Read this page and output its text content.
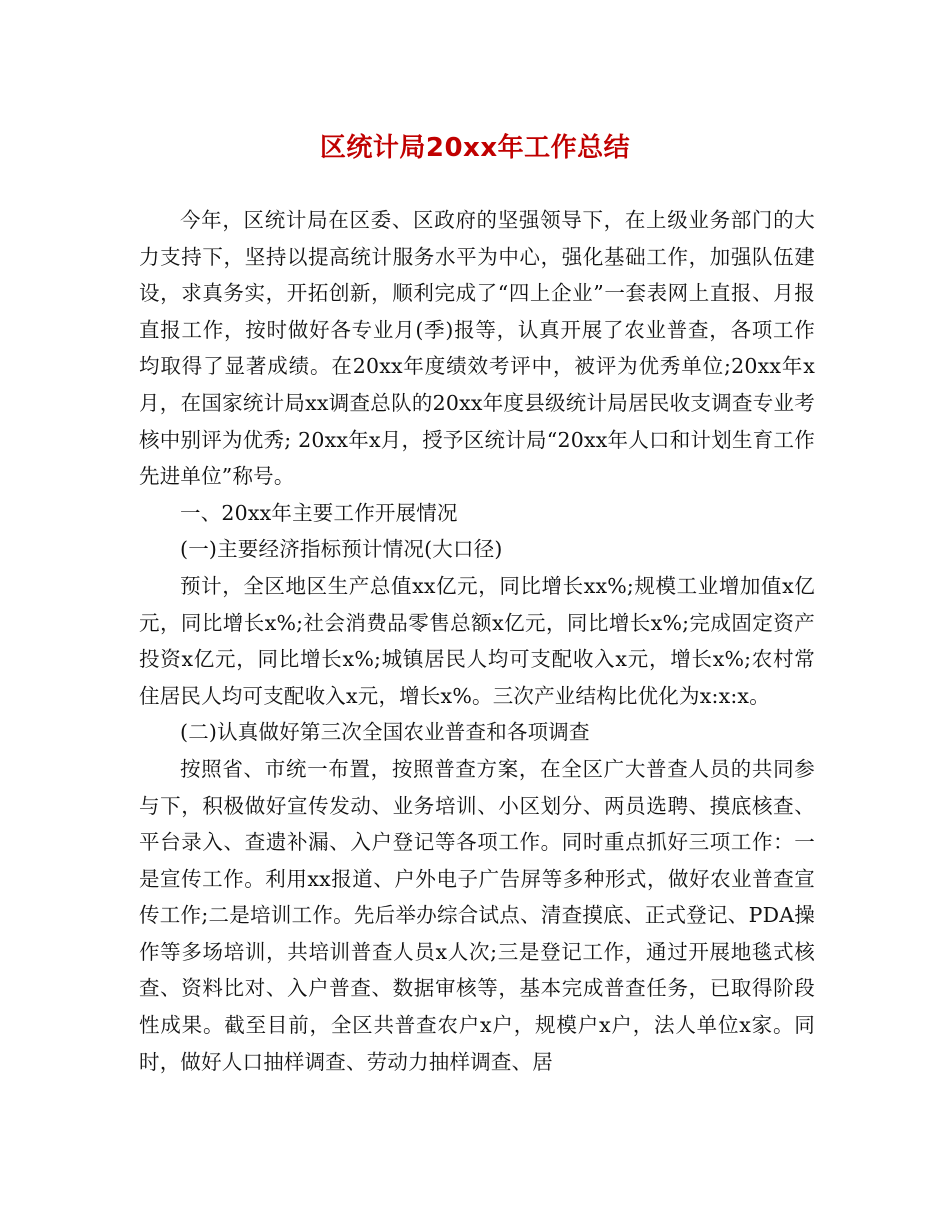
区统计局20xx年工作总结

今年，区统计局在区委、区政府的坚强领导下，在上级业务部门的大力支持下，坚持以提高统计服务水平为中心，强化基础工作，加强队伍建设，求真务实，开拓创新，顺利完成了“四上企业”一套表网上直报、月报直报工作，按时做好各专业月(季)报等，认真开展了农业普查，各项工作均取得了显著成绩。在20xx年度绩效考评中，被评为优秀单位;20xx年x月，在国家统计局xx调查总队的20xx年度县级统计局居民收支调查专业考核中别评为优秀; 20xx年x月，授予区统计局“20xx年人口和计划生育工作先进单位”称号。

一、20xx年主要工作开展情况

(一)主要经济指标预计情况(大口径)

预计，全区地区生产总值xx亿元，同比增长xx%;规模工业增加值x亿元，同比增长x%;社会消费品零售总额x亿元，同比增长x%;完成固定资产投资x亿元，同比增长x%;城镇居民人均可支配收入x元，增长x%;农村常住居民人均可支配收入x元，增长x%。三次产业结构比优化为x:x:x。

(二)认真做好第三次全国农业普查和各项调查

按照省、市统一布置，按照普查方案，在全区广大普查人员的共同参与下，积极做好宣传发动、业务培训、小区划分、两员选聘、摸底核查、平台录入、查遗补漏、入户登记等各项工作。同时重点抓好三项工作：一是宣传工作。利用xx报道、户外电子广告屏等多种形式，做好农业普查宣传工作;二是培训工作。先后举办综合试点、清查摸底、正式登记、PDA操作等多场培训，共培训普查人员x人次;三是登记工作，通过开展地毯式核查、资料比对、入户普查、数据审核等，基本完成普查任务，已取得阶段性成果。截至目前，全区共普查农户x户，规模户x户，法人单位x家。同时，做好人口抽样调查、劳动力抽样调查、居
